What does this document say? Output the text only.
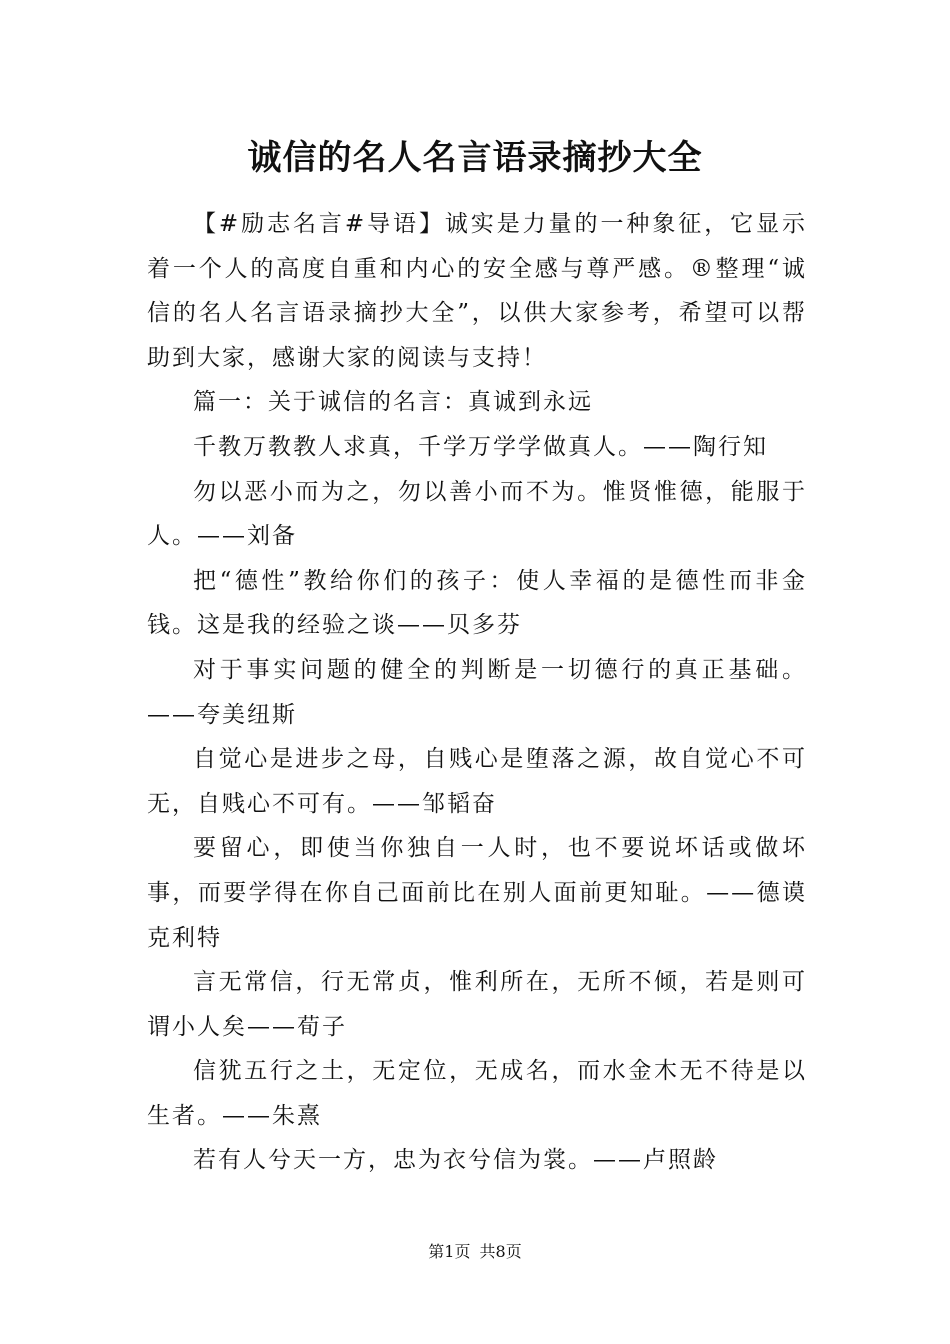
诚信的名人名言语录摘抄大全

【#励志名言#导语】诚实是力量的一种象征，它显示着一个人的高度自重和内心的安全感与尊严感。®整理“诚信的名人名言语录摘抄大全”，以供大家参考，希望可以帮助到大家，感谢大家的阅读与支持！

篇一：关于诚信的名言：真诚到永远

千教万教教人求真，千学万学学做真人。——陶行知

勿以恶小而为之，勿以善小而不为。惟贤惟德，能服于人。——刘备

把“德性”教给你们的孩子：使人幸福的是德性而非金钱。这是我的经验之谈——贝多芬

对于事实问题的健全的判断是一切德行的真正基础。——夸美纽斯

自觉心是进步之母，自贱心是堕落之源，故自觉心不可无，自贱心不可有。——邹韬奋

要留心，即使当你独自一人时，也不要说坏话或做坏事，而要学得在你自己面前比在别人面前更知耻。——德谟克利特

言无常信，行无常贞，惟利所在，无所不倾，若是则可谓小人矣——荀子

信犹五行之土，无定位，无成名，而水金木无不待是以生者。——朱熹

若有人兮天一方，忠为衣兮信为裳。——卢照龄

第1页 共8页
